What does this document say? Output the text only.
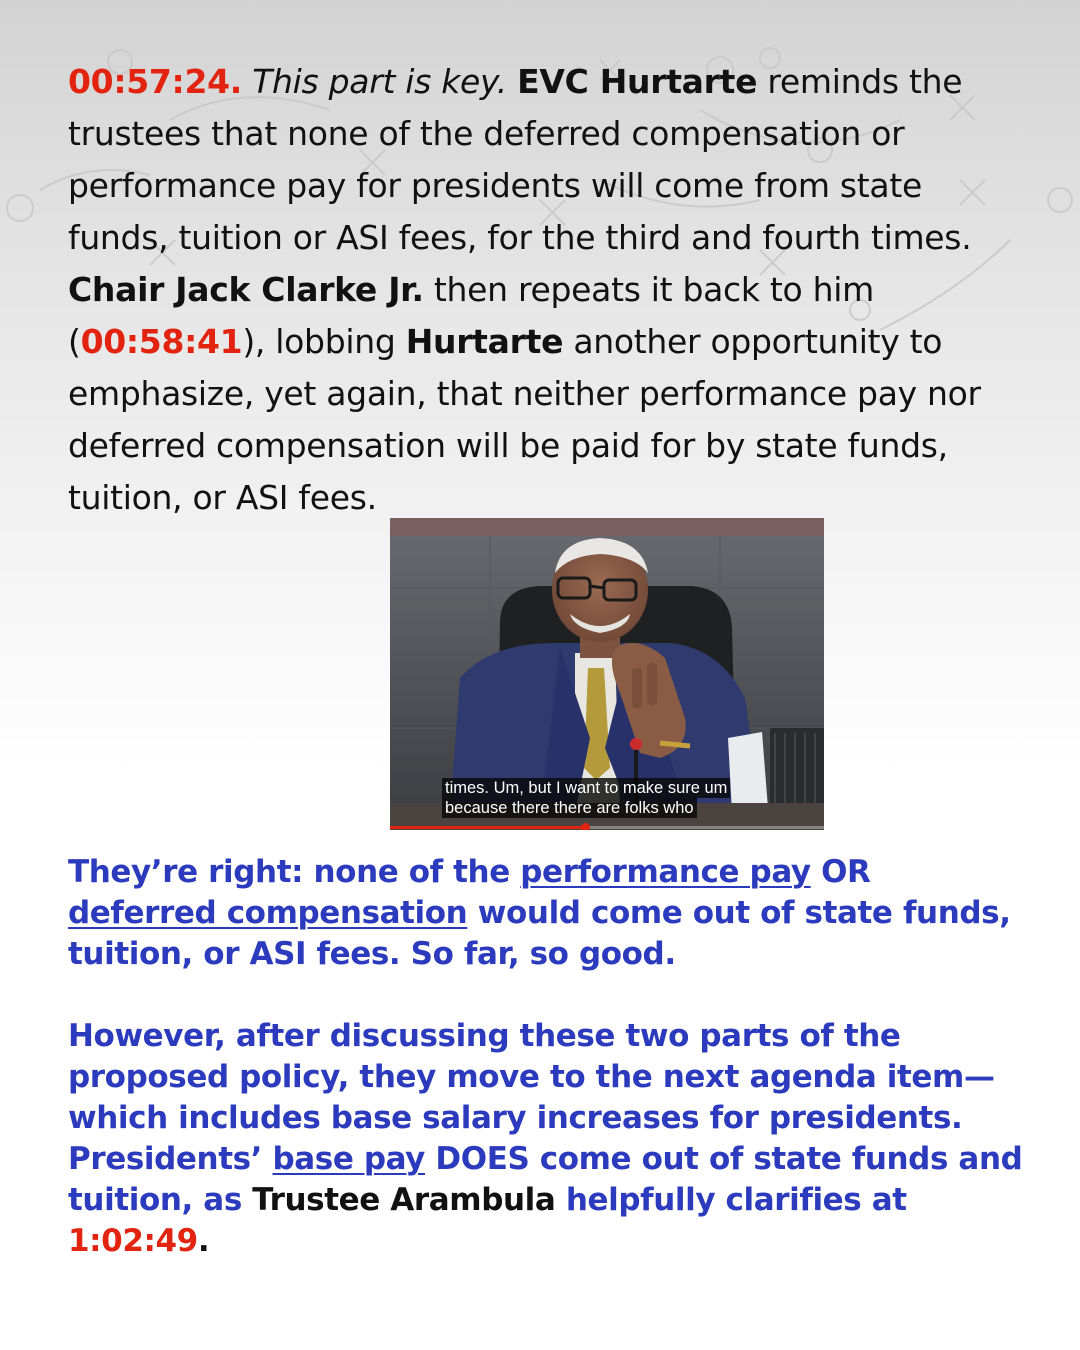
00:57:24. This part is key. EVC Hurtarte reminds the trustees that none of the deferred compensation or performance pay for presidents will come from state funds, tuition or ASI fees, for the third and fourth times. Chair Jack Clarke Jr. then repeats it back to him (00:58:41), lobbing Hurtarte another opportunity to emphasize, yet again, that neither performance pay nor deferred compensation will be paid for by state funds, tuition, or ASI fees.
times. Um, but I want to make sure um
because there there are folks who

They’re right: none of the performance pay OR deferred compensation would come out of state funds, tuition, or ASI fees. So far, so good.

However, after discussing these two parts of the proposed policy, they move to the next agenda item—which includes base salary increases for presidents. Presidents’ base pay DOES come out of state funds and tuition, as Trustee Arambula helpfully clarifies at 1:02:49.
